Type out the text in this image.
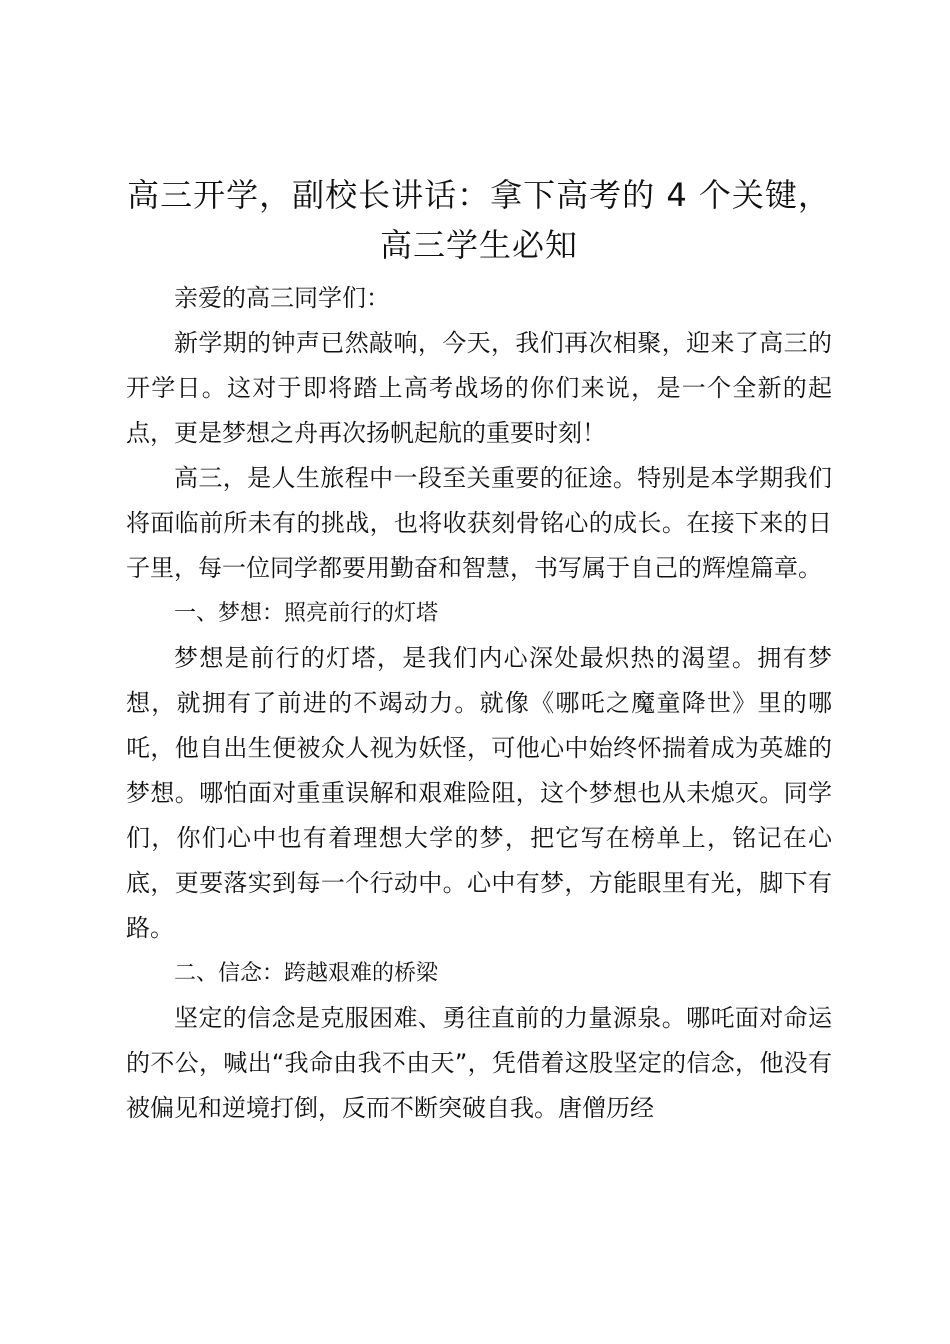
高三开学，副校长讲话：拿下高考的 4 个关键，高三学生必知

亲爱的高三同学们：

新学期的钟声已然敲响，今天，我们再次相聚，迎来了高三的开学日。这对于即将踏上高考战场的你们来说，是一个全新的起点，更是梦想之舟再次扬帆起航的重要时刻！

高三，是人生旅程中一段至关重要的征途。特别是本学期我们将面临前所未有的挑战，也将收获刻骨铭心的成长。在接下来的日子里，每一位同学都要用勤奋和智慧，书写属于自己的辉煌篇章。

一、梦想：照亮前行的灯塔

梦想是前行的灯塔，是我们内心深处最炽热的渴望。拥有梦想，就拥有了前进的不竭动力。就像《哪吒之魔童降世》里的哪吒，他自出生便被众人视为妖怪，可他心中始终怀揣着成为英雄的梦想。哪怕面对重重误解和艰难险阻，这个梦想也从未熄灭。同学们，你们心中也有着理想大学的梦，把它写在榜单上，铭记在心底，更要落实到每一个行动中。心中有梦，方能眼里有光，脚下有路。

二、信念：跨越艰难的桥梁

坚定的信念是克服困难、勇往直前的力量源泉。哪吒面对命运的不公，喊出“我命由我不由天”，凭借着这股坚定的信念，他没有被偏见和逆境打倒，反而不断突破自我。唐僧历经
